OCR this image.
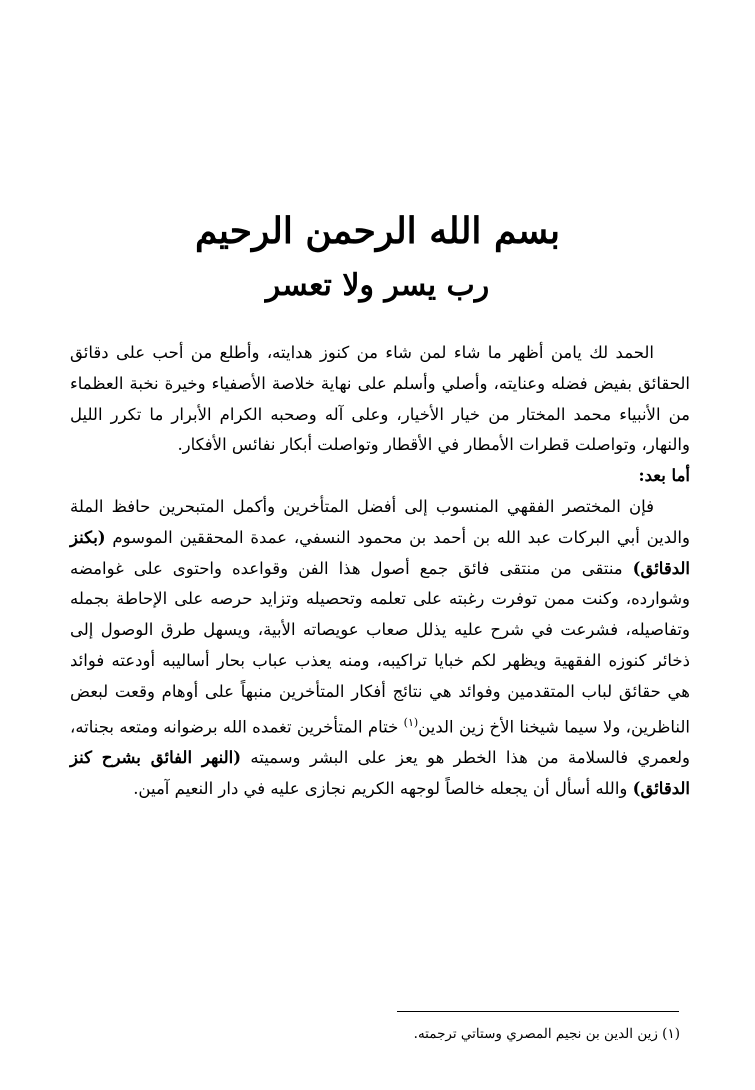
بسم الله الرحمن الرحيم
رب يسر ولا تعسر

الحمد لك يامن أظهر ما شاء لمن شاء من كنوز هدايته، وأطلع من أحب على دقائق الحقائق بفيض فضله وعنايته، وأصلي وأسلم على نهاية خلاصة الأصفياء وخيرة نخبة العظماء من الأنبياء محمد المختار من خيار الأخيار، وعلى آله وصحبه الكرام الأبرار ما تكرر الليل والنهار، وتواصلت قطرات الأمطار في الأقطار وتواصلت أبكار نفائس الأفكار.

أما بعد:

فإن المختصر الفقهي المنسوب إلى أفضل المتأخرين وأكمل المتبحرين حافظ الملة والدين أبي البركات عبد الله بن أحمد بن محمود النسفي، عمدة المحققين الموسوم (بكنز الدقائق) منتقى من منتقى فائق جمع أصول هذا الفن وقواعده واحتوى على غوامضه وشوارده، وكنت ممن توفرت رغبته على تعلمه وتحصيله وتزايد حرصه على الإحاطة بجمله وتفاصيله، فشرعت في شرح عليه يذلل صعاب عويصاته الأبية، ويسهل طرق الوصول إلى ذخائر كنوزه الفقهية ويظهر لكم خبايا تراكيبه، ومنه يعذب عباب بحار أساليبه أودعته فوائد هي حقائق لباب المتقدمين وفوائد هي نتائج أفكار المتأخرين منبهاً على أوهام وقعت لبعض الناظرين، ولا سيما شيخنا الأخ زين الدين$^{(١)}$ ختام المتأخرين تغمده الله برضوانه ومتعه بجناته، ولعمري فالسلامة من هذا الخطر هو يعز على البشر وسميته (النهر الفائق بشرح كنز الدقائق) والله أسأل أن يجعله خالصاً لوجهه الكريم نجازى عليه في دار النعيم آمين.

(١) زين الدين بن نجيم المصري وستاتي ترجمته.
